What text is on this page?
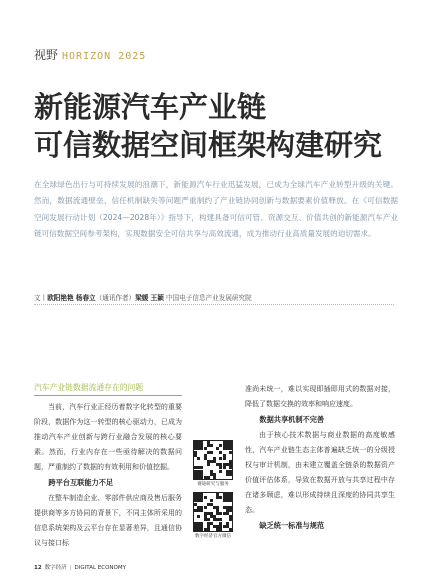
视野 HORIZON 2025
新能源汽车产业链
可信数据空间框架构建研究
在全球绿色出行与可持续发展的浪潮下，新能源汽车行业迅猛发展，已成为全球汽车产业转型升级的关键。然而，数据流通壁垒、信任机制缺失等问题严重制约了产业链协同创新与数据要素价值释放。在《可信数据空间发展行动计划（2024—2028年）》指导下，构建具备可信可管、资源交互、价值共创的新能源汽车产业链可信数据空间参考架构，实现数据安全可信共享与高效流通，成为推动行业高质量发展的迫切需求。
文丨欧阳艳艳 杨春立（通讯作者）梁媛 王颖 中国电子信息产业发展研究院
汽车产业链数据流通存在的问题

当前，汽车行业正经历着数字化转型的重要阶段，数据作为这一转型的核心驱动力，已成为推动汽车产业创新与跨行业融合发展的核心要素。然而，行业内存在一些亟待解决的数据问题，严重制约了数据的有效利用和价值挖掘。

跨平台互联能力不足

在整车制造企业、零部件供应商及售后服务提供商等多方协同的背景下，不同主体所采用的信息系统架构及云平台存在显著差异，且通信协议与接口标

赛迪研究与服务
数字经济官方微信

准尚未统一，难以实现即插即用式的数据对接，降低了数据交换的效率和响应速度。

数据共享机制不完善

由于核心技术数据与商业数据的高度敏感性，汽车产业链生态主体普遍缺乏统一的分级授权与审计机制，由未建立覆盖全链条的数据资产价值评估体系，导致在数据开放与共享过程中存在诸多顾虑，难以形成持续且深度的协同共享生态。

缺乏统一标准与规范
12 数字经济 | DIGITAL ECONOMY
